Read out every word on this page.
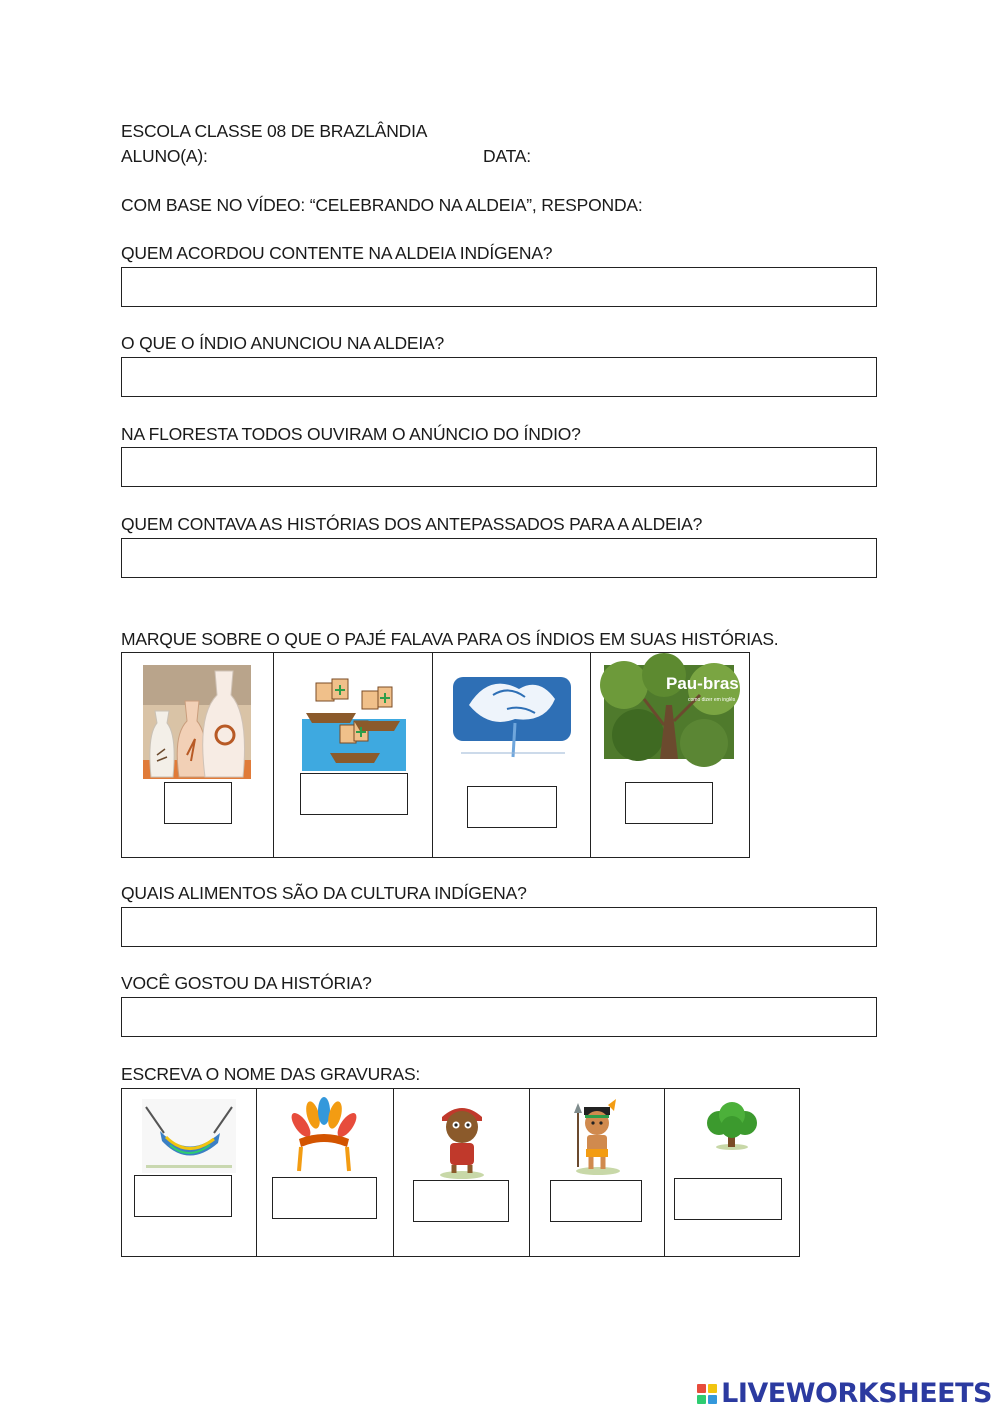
ESCOLA CLASSE 08 DE BRAZLÂNDIA
ALUNO(A):	DATA:
COM BASE NO VÍDEO: “CELEBRANDO NA ALDEIA”, RESPONDA:
QUEM ACORDOU CONTENTE NA ALDEIA INDÍGENA?
O QUE O ÍNDIO ANUNCIOU NA ALDEIA?
NA FLORESTA TODOS OUVIRAM O ANÚNCIO DO ÍNDIO?
QUEM CONTAVA AS HISTÓRIAS DOS ANTEPASSADOS PARA A ALDEIA?
MARQUE SOBRE O QUE O PAJÉ FALAVA PARA OS ÍNDIOS EM SUAS HISTÓRIAS.
Pau-brasil
como dizer em inglês
QUAIS ALIMENTOS SÃO DA CULTURA INDÍGENA?
VOCÊ GOSTOU DA HISTÓRIA?
ESCREVA O NOME DAS GRAVURAS:
LIVEWORKSHEETS
